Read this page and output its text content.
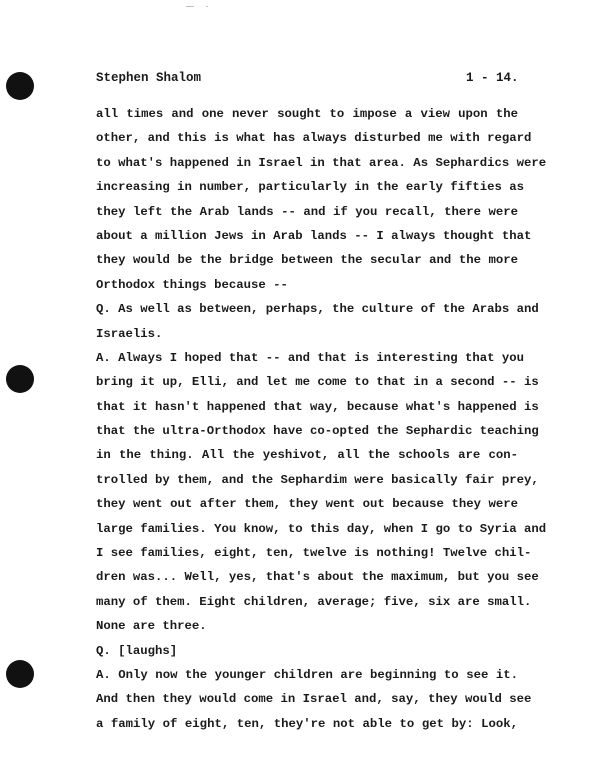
Stephen Shalom	1 - 14.
all times and one never sought to impose a view upon the
other, and this is what has always disturbed me with regard
to what's happened in Israel in that area. As Sephardics were
increasing in number, particularly in the early fifties as
they left the Arab lands -- and if you recall, there were
about a million Jews in Arab lands -- I always thought that
they would be the bridge between the secular and the more
Orthodox things because --
Q. As well as between, perhaps, the culture of the Arabs and
Israelis.
A. Always I hoped that -- and that is interesting that you
bring it up, Elli, and let me come to that in a second -- is
that it hasn't happened that way, because what's happened is
that the ultra-Orthodox have co-opted the Sephardic teaching
in the thing. All the yeshivot, all the schools are con-
trolled by them, and the Sephardim were basically fair prey,
they went out after them, they went out because they were
large families. You know, to this day, when I go to Syria and
I see families, eight, ten, twelve is nothing! Twelve chil-
dren was... Well, yes, that's about the maximum, but you see
many of them. Eight children, average; five, six are small.
None are three.
Q. [laughs]
A. Only now the younger children are beginning to see it.
And then they would come in Israel and, say, they would see
a family of eight, ten, they're not able to get by: Look,
